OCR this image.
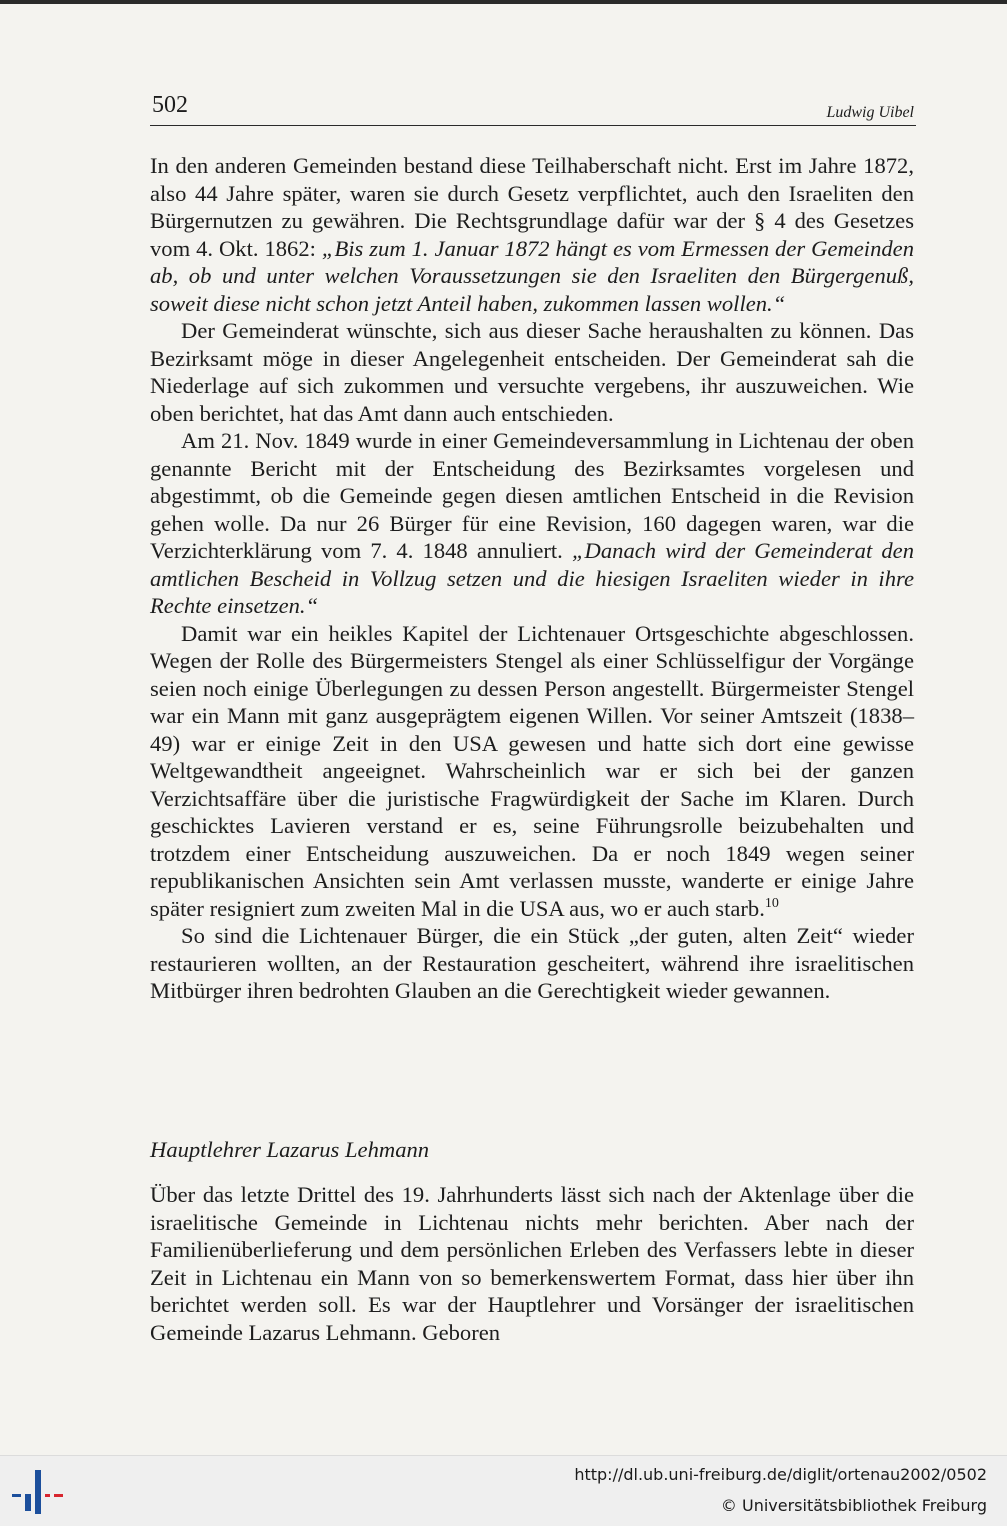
502	Ludwig Uibel

In den anderen Gemeinden bestand diese Teilhaberschaft nicht. Erst im Jahre 1872, also 44 Jahre später, waren sie durch Gesetz verpflichtet, auch den Israeliten den Bürgernutzen zu gewähren. Die Rechtsgrundlage dafür war der § 4 des Gesetzes vom 4. Okt. 1862: „Bis zum 1. Januar 1872 hängt es vom Ermessen der Gemeinden ab, ob und unter welchen Voraussetzungen sie den Israeliten den Bürgergenuß, soweit diese nicht schon jetzt Anteil haben, zukommen lassen wollen.“

Der Gemeinderat wünschte, sich aus dieser Sache heraushalten zu können. Das Bezirksamt möge in dieser Angelegenheit entscheiden. Der Gemeinderat sah die Niederlage auf sich zukommen und versuchte vergebens, ihr auszuweichen. Wie oben berichtet, hat das Amt dann auch entschieden.

Am 21. Nov. 1849 wurde in einer Gemeindeversammlung in Lichtenau der oben genannte Bericht mit der Entscheidung des Bezirksamtes vorgelesen und abgestimmt, ob die Gemeinde gegen diesen amtlichen Entscheid in die Revision gehen wolle. Da nur 26 Bürger für eine Revision, 160 dagegen waren, war die Verzichterklärung vom 7. 4. 1848 annuliert. „Danach wird der Gemeinderat den amtlichen Bescheid in Vollzug setzen und die hiesigen Israeliten wieder in ihre Rechte einsetzen.“

Damit war ein heikles Kapitel der Lichtenauer Ortsgeschichte abgeschlossen. Wegen der Rolle des Bürgermeisters Stengel als einer Schlüsselfigur der Vorgänge seien noch einige Überlegungen zu dessen Person angestellt. Bürgermeister Stengel war ein Mann mit ganz ausgeprägtem eigenen Willen. Vor seiner Amtszeit (1838–49) war er einige Zeit in den USA gewesen und hatte sich dort eine gewisse Weltgewandtheit angeeignet. Wahrscheinlich war er sich bei der ganzen Verzichtsaffäre über die juristische Fragwürdigkeit der Sache im Klaren. Durch geschicktes Lavieren verstand er es, seine Führungsrolle beizubehalten und trotzdem einer Entscheidung auszuweichen. Da er noch 1849 wegen seiner republikanischen Ansichten sein Amt verlassen musste, wanderte er einige Jahre später resigniert zum zweiten Mal in die USA aus, wo er auch starb.$^{10}$

So sind die Lichtenauer Bürger, die ein Stück „der guten, alten Zeit“ wieder restaurieren wollten, an der Restauration gescheitert, während ihre israelitischen Mitbürger ihren bedrohten Glauben an die Gerechtigkeit wieder gewannen.

Hauptlehrer Lazarus Lehmann

Über das letzte Drittel des 19. Jahrhunderts lässt sich nach der Aktenlage über die israelitische Gemeinde in Lichtenau nichts mehr berichten. Aber nach der Familienüberlieferung und dem persönlichen Erleben des Verfassers lebte in dieser Zeit in Lichtenau ein Mann von so bemerkenswertem Format, dass hier über ihn berichtet werden soll. Es war der Hauptlehrer und Vorsänger der israelitischen Gemeinde Lazarus Lehmann. Geboren

http://dl.ub.uni-freiburg.de/diglit/ortenau2002/0502
© Universitätsbibliothek Freiburg
